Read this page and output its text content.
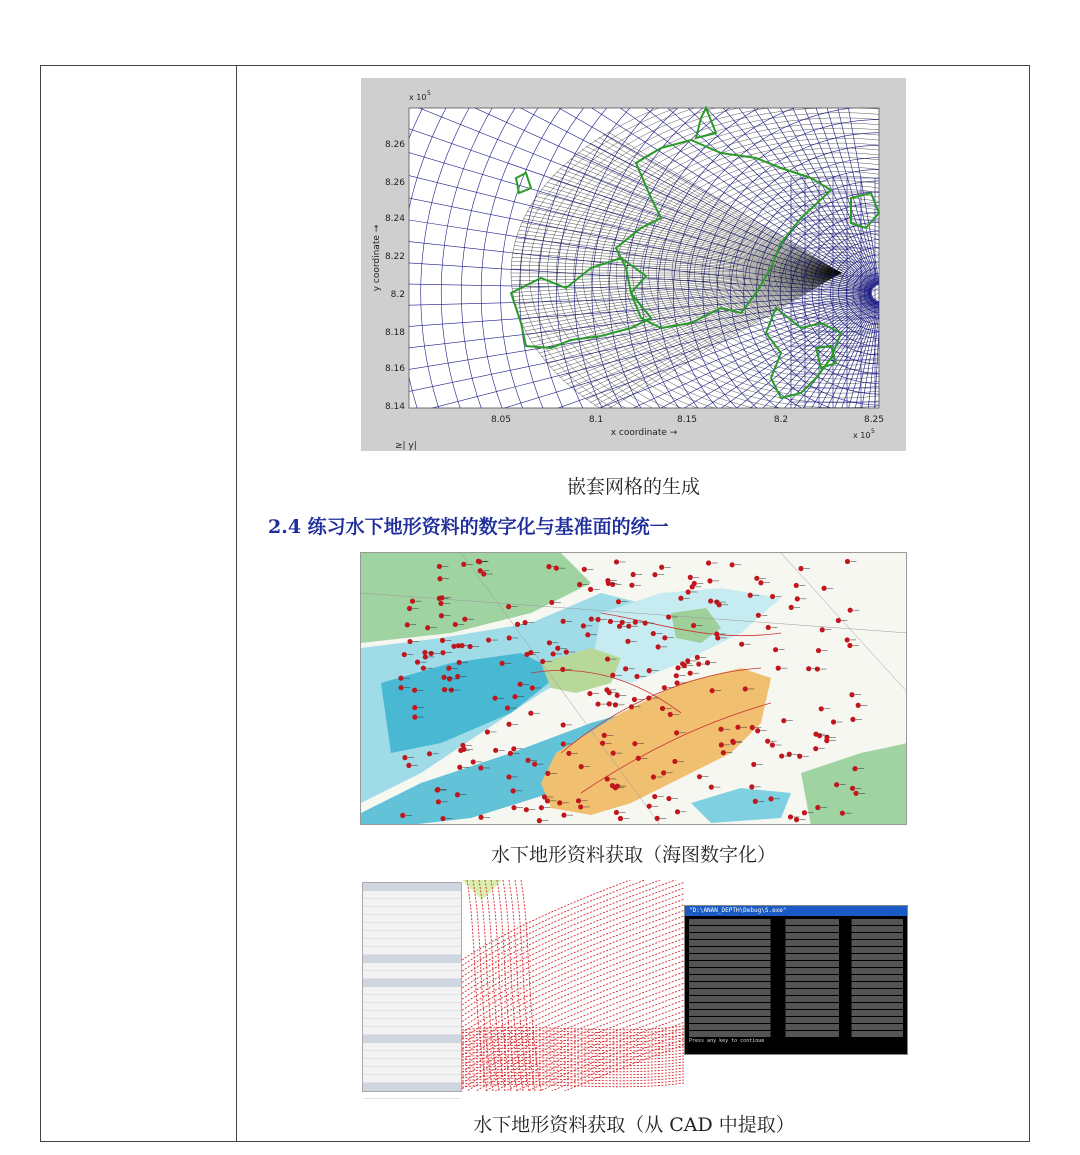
8.26
8.26
8.24
8.22
8.2
8.18
8.16
8.14
8.05	8.1	8.15	8.2	8.25
x 10 5
x 10 5
x coordinate →
y coordinate →
≥| y|
嵌套网格的生成
2.4 练习水下地形资料的数字化与基准面的统一
水下地形资料获取（海图数字化）
"D:\ANAN_DEPTH\Debug\S.exe"
Press any key to continue
水下地形资料获取（从 CAD 中提取）
